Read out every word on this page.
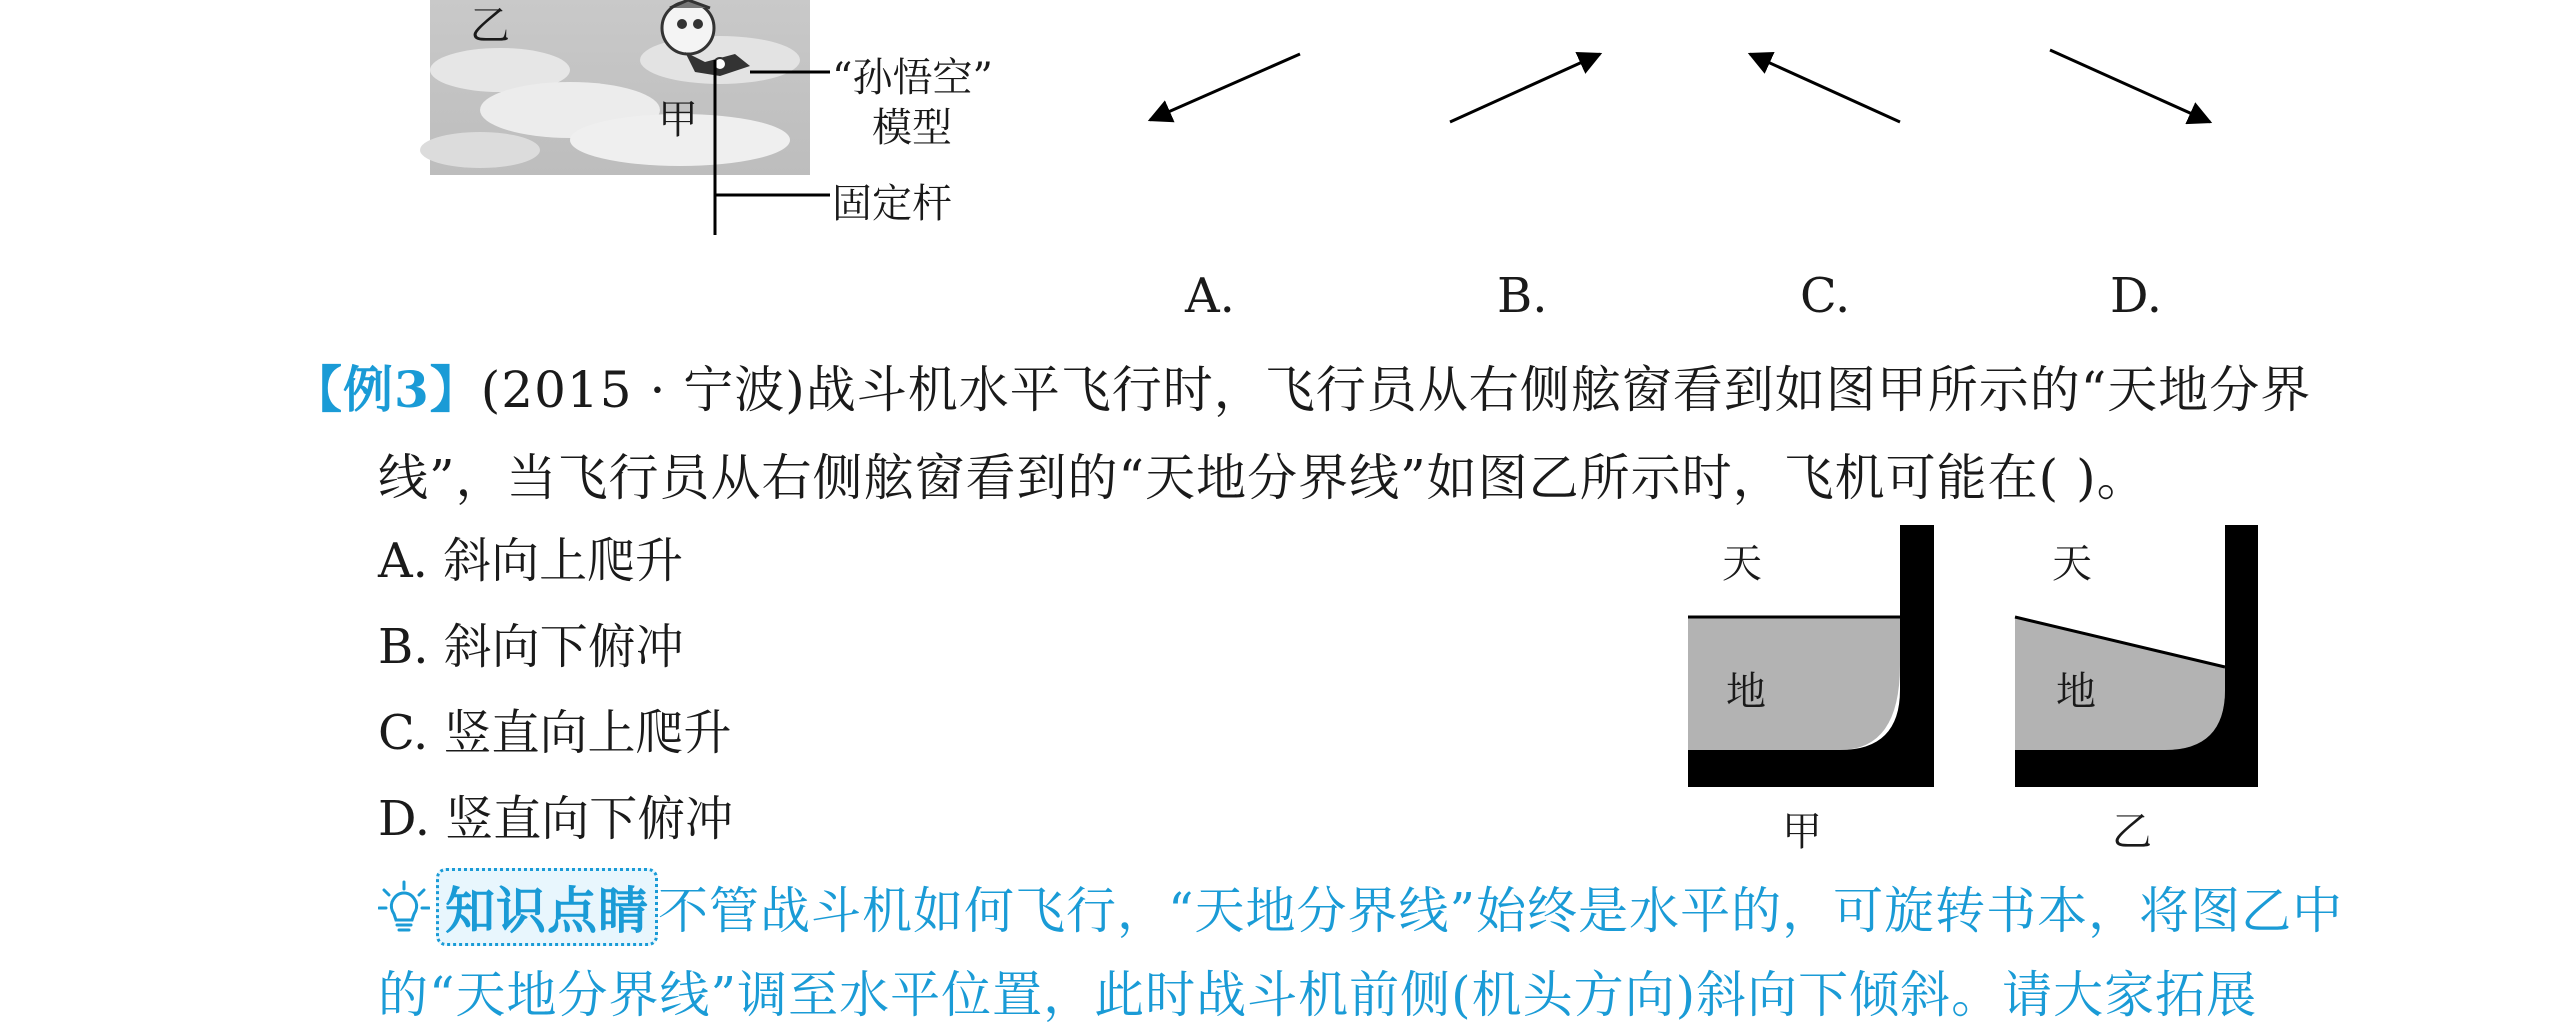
乙
甲
“孙悟空”
模型
固定杆
A.	B.	C.	D.
【例3】(2015 · 宁波)战斗机水平飞行时，飞行员从右侧舷窗看到如图甲所示的“天地分界
线”，当飞行员从右侧舷窗看到的“天地分界线”如图乙所示时，飞机可能在( )。
A. 斜向上爬升
B. 斜向下俯冲
C. 竖直向上爬升
D. 竖直向下俯冲
天
地
甲
天
地
乙
知识点睛 不管战斗机如何飞行，“天地分界线”始终是水平的，可旋转书本，将图乙中
的“天地分界线”调至水平位置，此时战斗机前侧(机头方向)斜向下倾斜。请大家拓展
